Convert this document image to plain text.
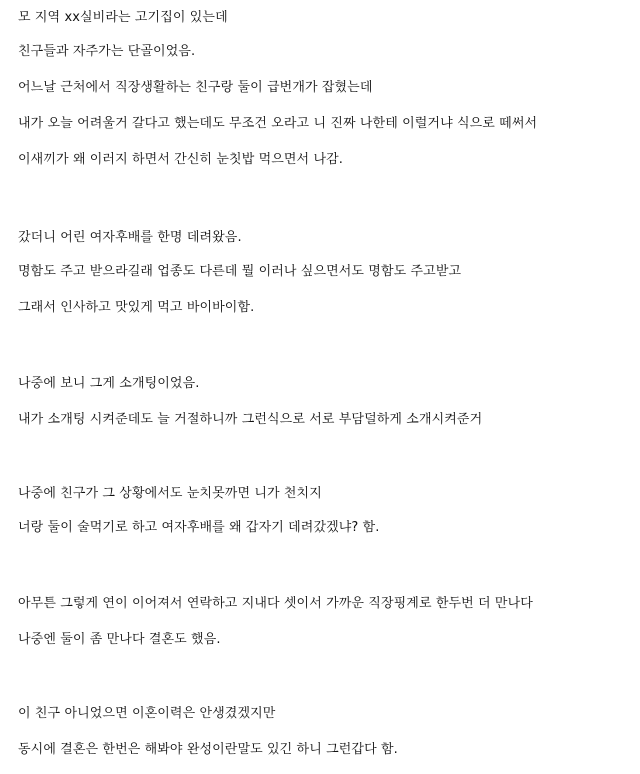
모 지역 xx실비라는 고기집이 있는데
친구들과 자주가는 단골이었음.
어느날 근처에서 직장생활하는 친구랑 둘이 급번개가 잡혔는데
내가 오늘 어려울거 갈다고 했는데도 무조건 오라고 니 진짜 나한테 이럴거냐 식으로 떼써서
이새끼가 왜 이러지 하면서 간신히 눈칫밥 먹으면서 나감.
갔더니 어린 여자후배를 한명 데려왔음.
명함도 주고 받으라길래 업종도 다른데 뭘 이러나 싶으면서도 명함도 주고받고
그래서 인사하고 맛있게 먹고 바이바이함.
나중에 보니 그게 소개팅이었음.
내가 소개팅 시켜준데도 늘 거절하니까 그런식으로 서로 부담덜하게 소개시켜준거
나중에 친구가 그 상황에서도 눈치못까면 니가 천치지
너랑 둘이 술먹기로 하고 여자후배를 왜 갑자기 데려갔겠냐? 함.
아무튼 그렇게 연이 이어져서 연락하고 지내다 셋이서 가까운 직장핑계로 한두번 더 만나다
나중엔 둘이 좀 만나다 결혼도 했음.
이 친구 아니었으면 이혼이력은 안생겼겠지만
동시에 결혼은 한번은 해봐야 완성이란말도 있긴 하니 그런갑다 함.
